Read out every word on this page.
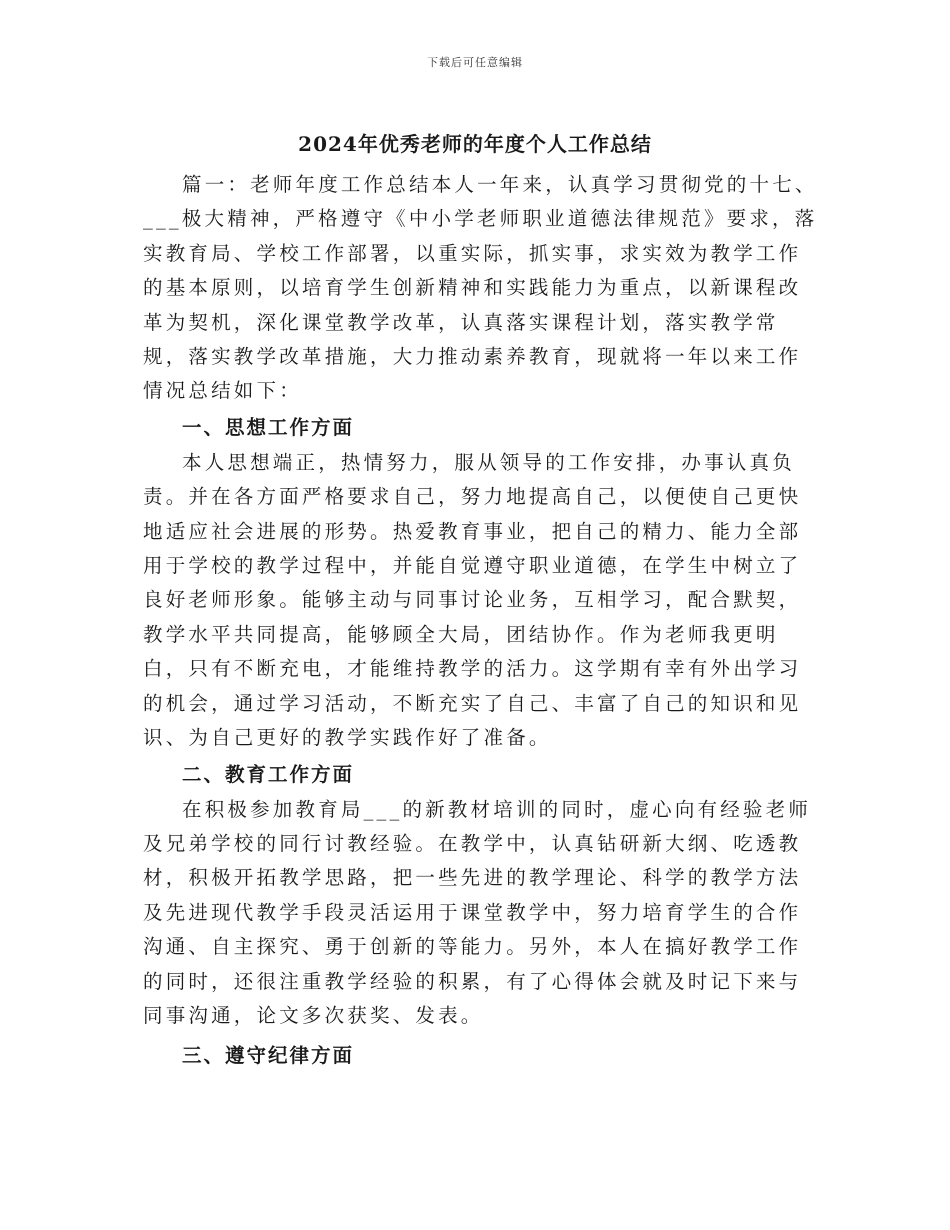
下载后可任意编辑
2024年优秀老师的年度个人工作总结

篇一：老师年度工作总结本人一年来，认真学习贯彻党的十七、___极大精神，严格遵守《中小学老师职业道德法律规范》要求，落实教育局、学校工作部署，以重实际，抓实事，求实效为教学工作的基本原则，以培育学生创新精神和实践能力为重点，以新课程改革为契机，深化课堂教学改革，认真落实课程计划，落实教学常规，落实教学改革措施，大力推动素养教育，现就将一年以来工作情况总结如下：

一、思想工作方面

本人思想端正，热情努力，服从领导的工作安排，办事认真负责。并在各方面严格要求自己，努力地提高自己，以便使自己更快地适应社会进展的形势。热爱教育事业，把自己的精力、能力全部用于学校的教学过程中，并能自觉遵守职业道德，在学生中树立了良好老师形象。能够主动与同事讨论业务，互相学习，配合默契，教学水平共同提高，能够顾全大局，团结协作。作为老师我更明白，只有不断充电，才能维持教学的活力。这学期有幸有外出学习的机会，通过学习活动，不断充实了自己、丰富了自己的知识和见识、为自己更好的教学实践作好了准备。

二、教育工作方面

在积极参加教育局___的新教材培训的同时，虚心向有经验老师及兄弟学校的同行讨教经验。在教学中，认真钻研新大纲、吃透教材，积极开拓教学思路，把一些先进的教学理论、科学的教学方法及先进现代教学手段灵活运用于课堂教学中，努力培育学生的合作沟通、自主探究、勇于创新的等能力。另外，本人在搞好教学工作的同时，还很注重教学经验的积累，有了心得体会就及时记下来与同事沟通，论文多次获奖、发表。

三、遵守纪律方面
